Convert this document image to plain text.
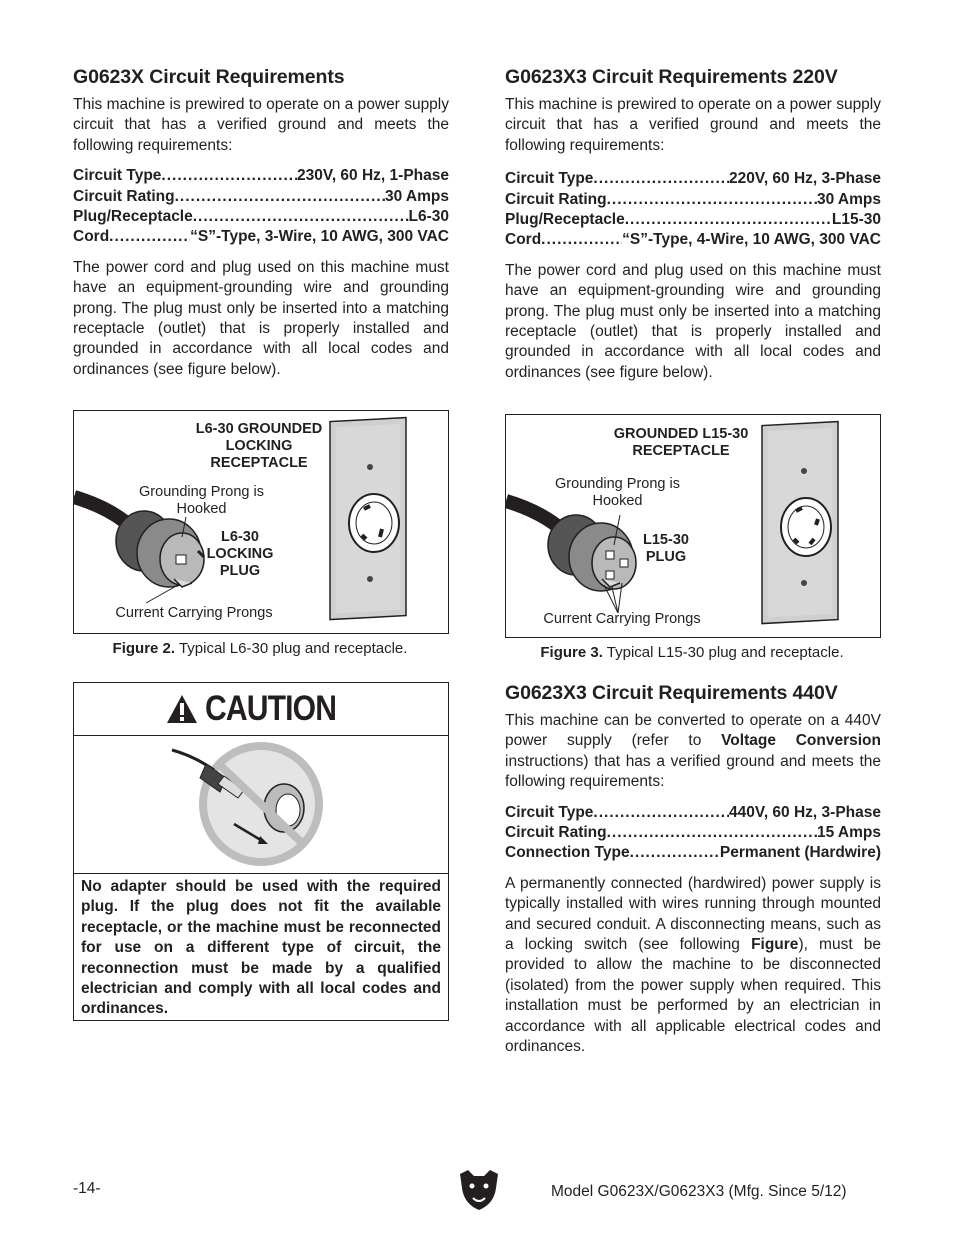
G0623X Circuit Requirements

This machine is prewired to operate on a power supply circuit that has a verified ground and meets the following requirements:

Circuit Type .....	230V, 60 Hz, 1-Phase
Circuit Rating .....	30 Amps
Plug/Receptacle .....	L6-30
Cord .....	“S”-Type, 3-Wire, 10 AWG, 300 VAC

The power cord and plug used on this machine must have an equipment-grounding wire and grounding prong. The plug must only be inserted into a matching receptacle (outlet) that is properly installed and grounded in accordance with all local codes and ordinances (see figure below).

L6-30 GROUNDED LOCKING RECEPTACLE
Grounding Prong is Hooked
L6-30 LOCKING PLUG
Current Carrying Prongs
Figure 2. Typical L6-30 plug and receptacle.
CAUTION
No adapter should be used with the required plug. If the plug does not fit the available receptacle, or the machine must be reconnected for use on a different type of circuit, the reconnection must be made by a qualified electrician and comply with all local codes and ordinances.
G0623X3 Circuit Requirements 220V

This machine is prewired to operate on a power supply circuit that has a verified ground and meets the following requirements:

Circuit Type .....	220V, 60 Hz, 3-Phase
Circuit Rating .....	30 Amps
Plug/Receptacle .....	L15-30
Cord .....	“S”-Type, 4-Wire, 10 AWG, 300 VAC

The power cord and plug used on this machine must have an equipment-grounding wire and grounding prong. The plug must only be inserted into a matching receptacle (outlet) that is properly installed and grounded in accordance with all local codes and ordinances (see figure below).

GROUNDED L15-30 RECEPTACLE
Grounding Prong is Hooked
L15-30 PLUG
Current Carrying Prongs
Figure 3. Typical L15-30 plug and receptacle.
G0623X3 Circuit Requirements 440V

This machine can be converted to operate on a 440V power supply (refer to Voltage Conversion instructions) that has a verified ground and meets the following requirements:

Circuit Type .....	440V, 60 Hz, 3-Phase
Circuit Rating .....	15 Amps
Connection Type .....	Permanent (Hardwire)

A permanently connected (hardwired) power supply is typically installed with wires running through mounted and secured conduit. A disconnecting means, such as a locking switch (see following Figure), must be provided to allow the machine to be disconnected (isolated) from the power supply when required. This installation must be performed by an electrician in accordance with all applicable electrical codes and ordinances.

-14-	Model G0623X/G0623X3 (Mfg. Since 5/12)
